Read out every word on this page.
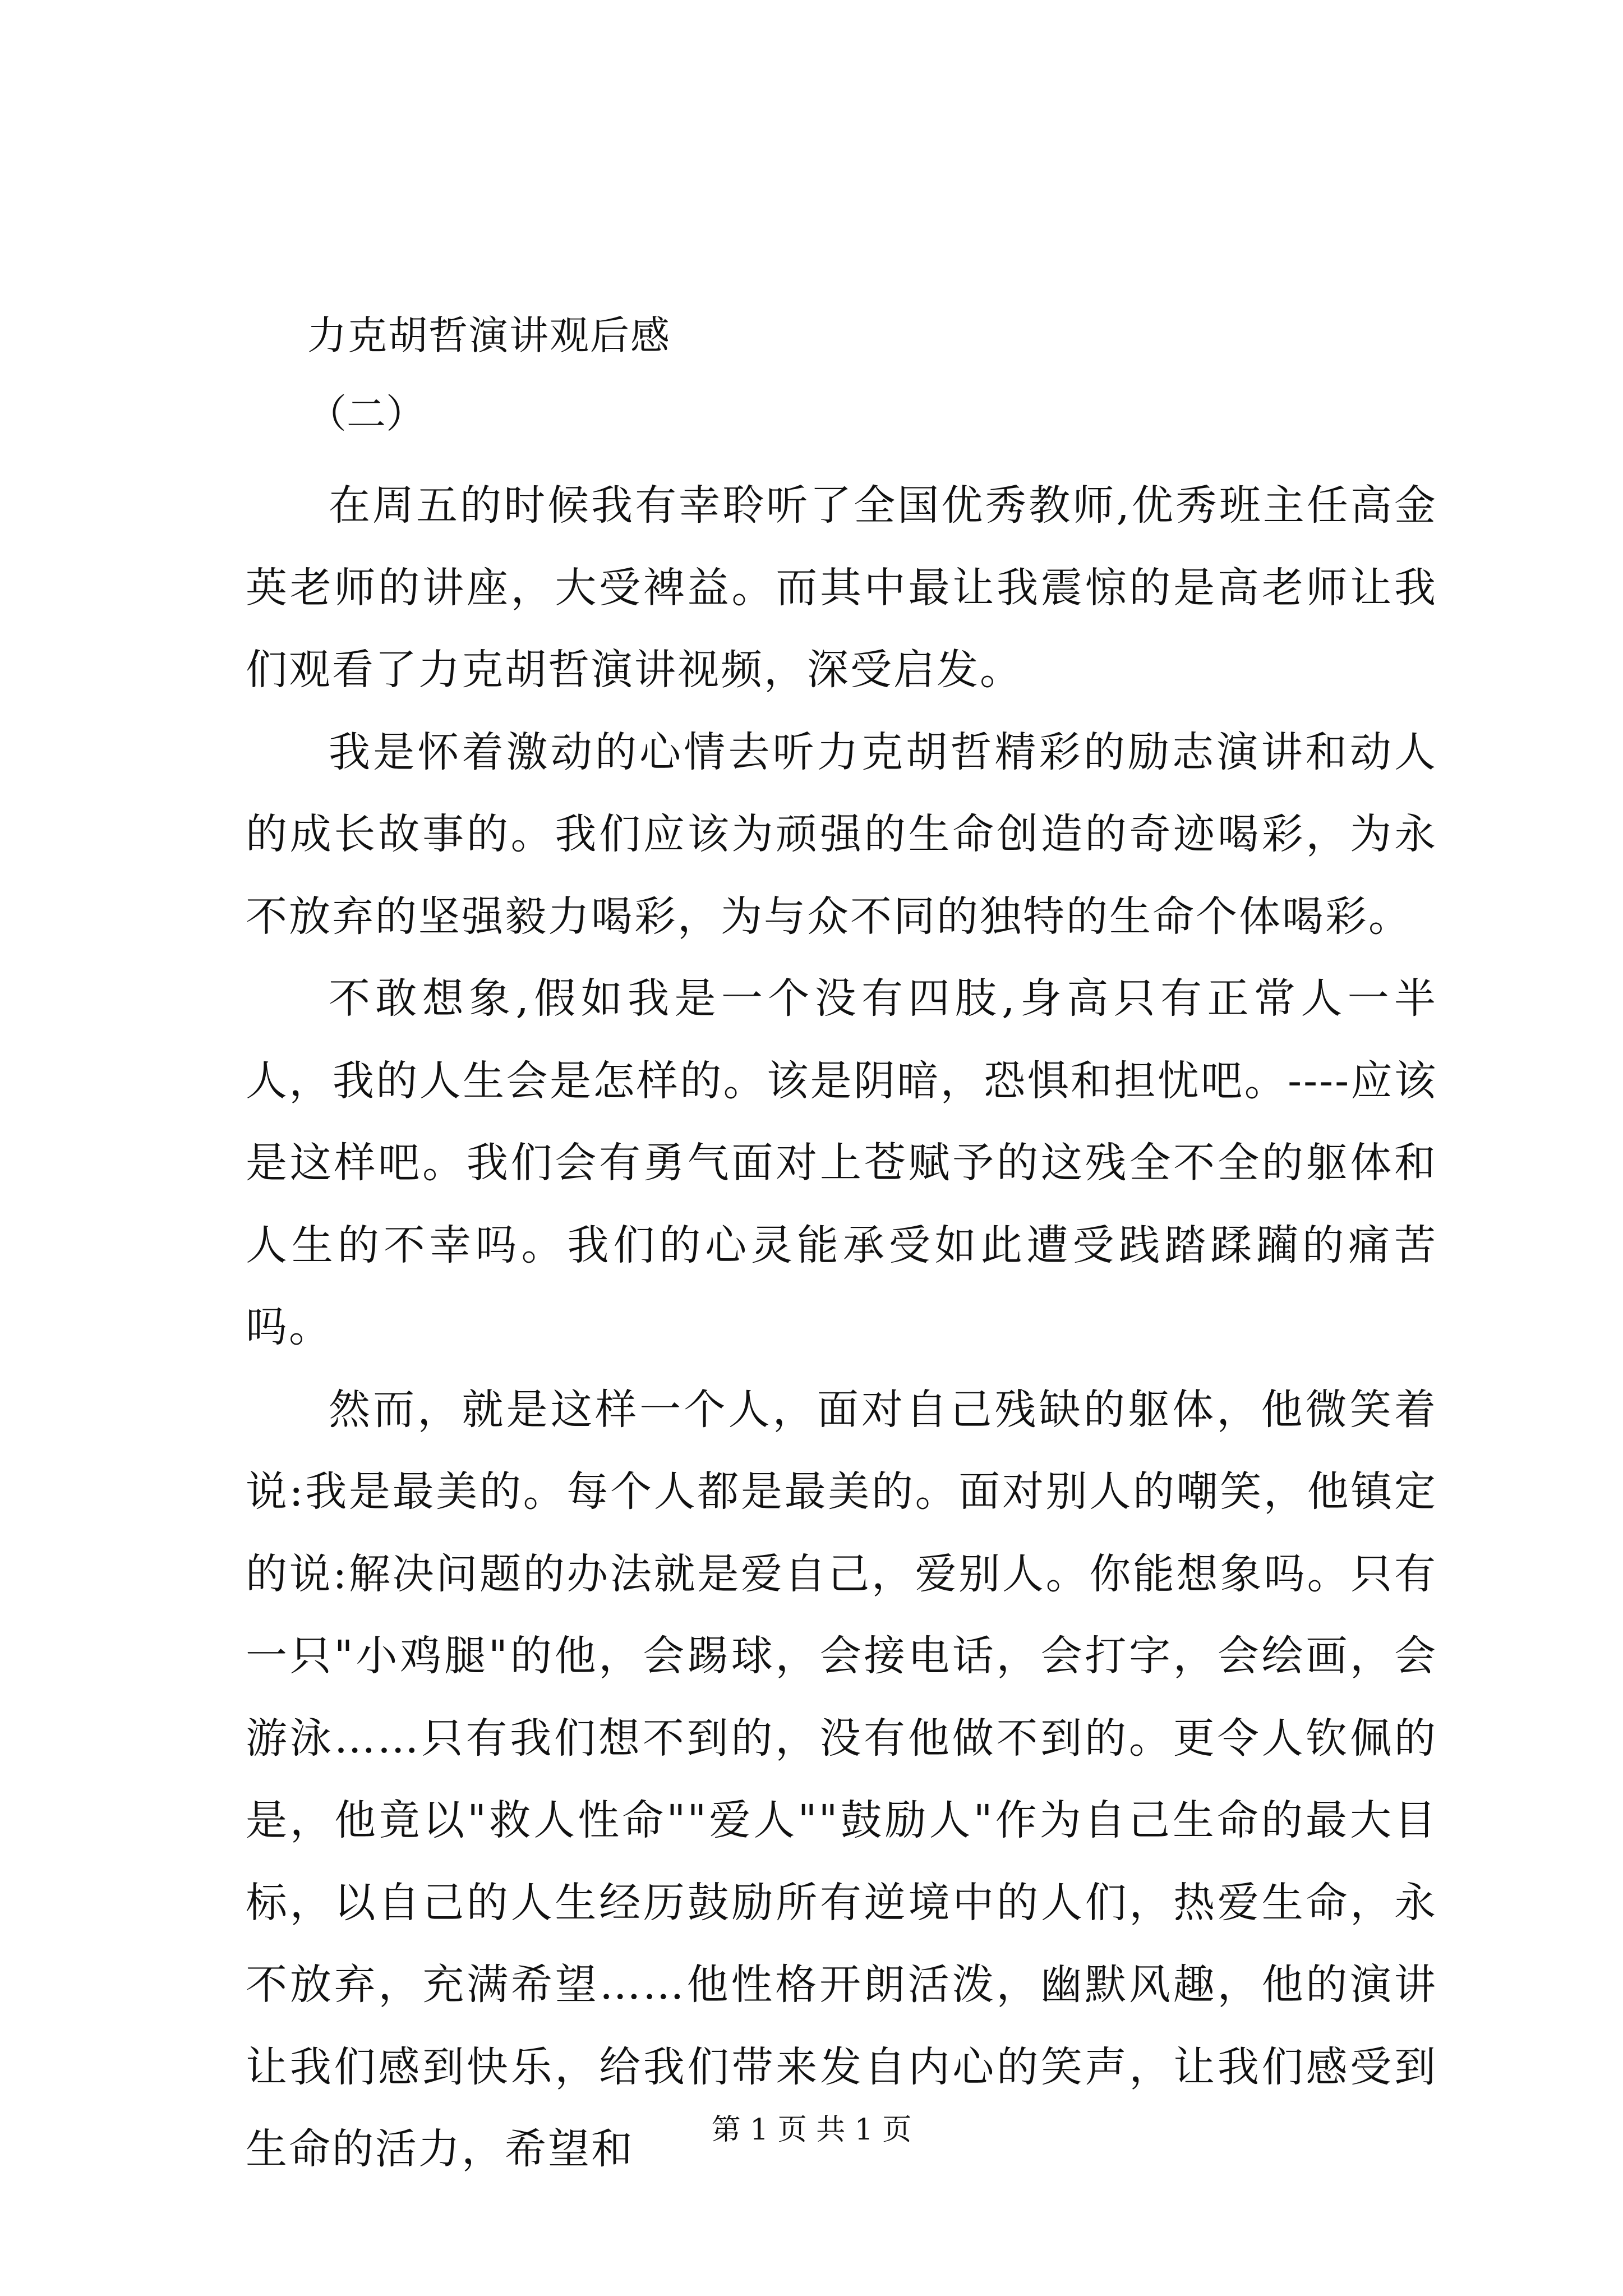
力克胡哲演讲观后感
（二）

在周五的时候我有幸聆听了全国优秀教师,优秀班主任高金英老师的讲座，大受裨益。而其中最让我震惊的是高老师让我们观看了力克胡哲演讲视频，深受启发。

我是怀着激动的心情去听力克胡哲精彩的励志演讲和动人的成长故事的。我们应该为顽强的生命创造的奇迹喝彩，为永不放弃的坚强毅力喝彩，为与众不同的独特的生命个体喝彩。

不敢想象,假如我是一个没有四肢,身高只有正常人一半人，我的人生会是怎样的。该是阴暗，恐惧和担忧吧。----应该是这样吧。我们会有勇气面对上苍赋予的这残全不全的躯体和人生的不幸吗。我们的心灵能承受如此遭受践踏蹂躏的痛苦吗。

然而，就是这样一个人，面对自己残缺的躯体，他微笑着说:我是最美的。每个人都是最美的。面对别人的嘲笑，他镇定的说:解决问题的办法就是爱自己，爱别人。你能想象吗。只有一只"小鸡腿"的他，会踢球，会接电话，会打字，会绘画，会游泳……只有我们想不到的，没有他做不到的。更令人钦佩的是，他竟以"救人性命""爱人""鼓励人"作为自己生命的最大目标，以自己的人生经历鼓励所有逆境中的人们，热爱生命，永不放弃，充满希望……他性格开朗活泼，幽默风趣，他的演讲让我们感到快乐，给我们带来发自内心的笑声，让我们感受到生命的活力，希望和	第 1 页 共 1 页
